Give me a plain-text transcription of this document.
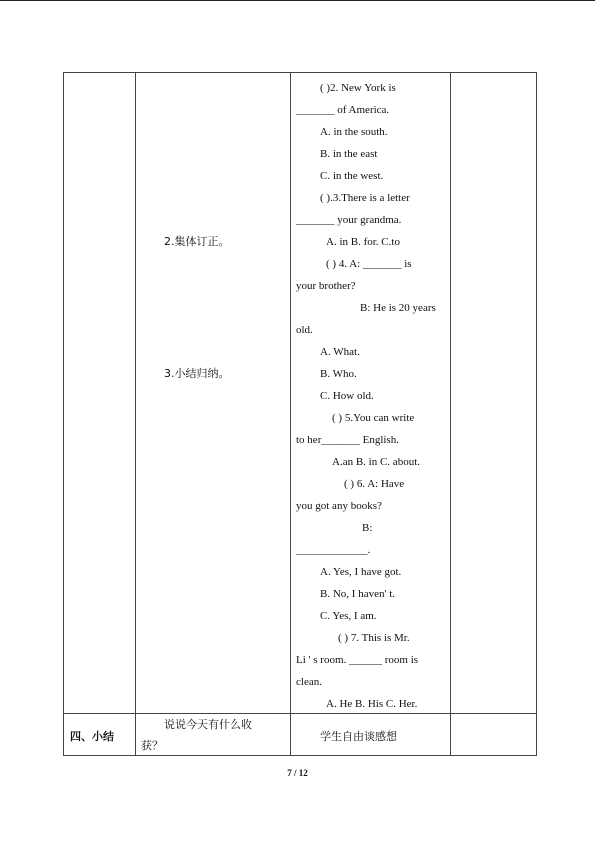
2.集体订正。
3.小结归纳。
( )2. New York is
_______ of America.
A. in the south.
B. in the east
C. in the west.
( ).3.There is a letter
_______ your grandma.
A. in B. for. C.to
( ) 4. A: _______ is
your brother?
B: He is 20 years
old.
A. What.
B. Who.
C. How old.
( ) 5.You can write
to her_______ English.
A.an B. in C. about.
( ) 6. A: Have
you got any books?
B:
_____________.
A. Yes, I have got.
B. No, I haven' t.
C. Yes, I am.
( ) 7. This is Mr.
Li ' s room. ______ room is
clean.
A. He B. His C. Her.
四、小结
说说今天有什么收
获？
学生自由谈感想
7 / 12
